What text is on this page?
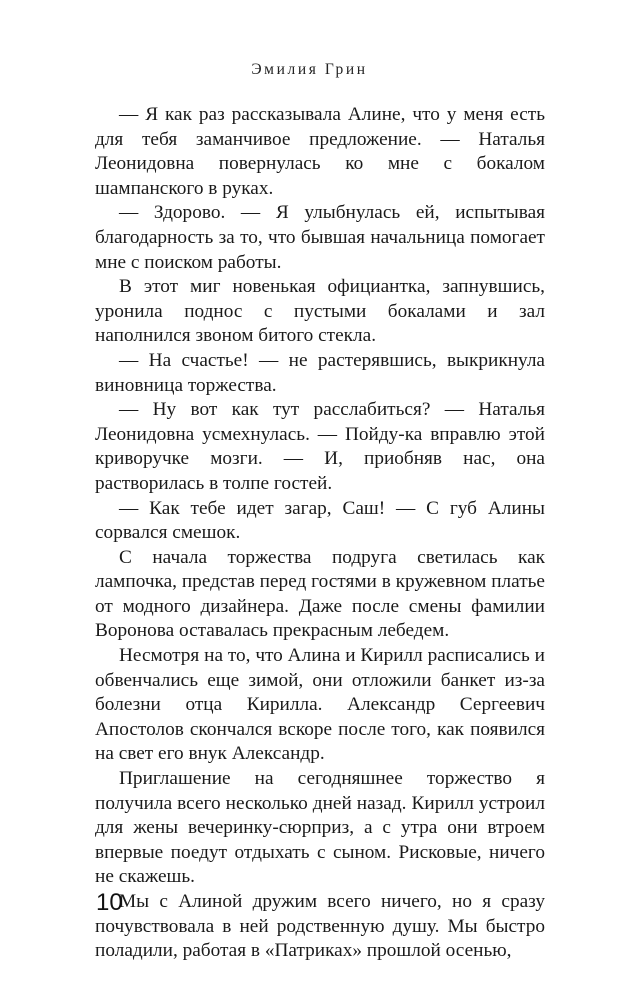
Эмилия Грин

— Я как раз рассказывала Алине, что у меня есть для тебя заманчивое предложение. — Наталья Леонидовна повернулась ко мне с бокалом шампанского в руках.

— Здорово. — Я улыбнулась ей, испытывая благодарность за то, что бывшая начальница помогает мне с поиском работы.

В этот миг новенькая официантка, запнувшись, уронила поднос с пустыми бокалами и зал наполнился звоном битого стекла.

— На счастье! — не растерявшись, выкрикнула виновница торжества.

— Ну вот как тут расслабиться? — Наталья Леонидовна усмехнулась. — Пойду-ка вправлю этой криворучке мозги. — И, приобняв нас, она растворилась в толпе гостей.

— Как тебе идет загар, Саш! — С губ Алины сорвался смешок.

С начала торжества подруга светилась как лампочка, представ перед гостями в кружевном платье от модного дизайнера. Даже после смены фамилии Воронова оставалась прекрасным лебедем.

Несмотря на то, что Алина и Кирилл расписались и обвенчались еще зимой, они отложили банкет из-за болезни отца Кирилла. Александр Сергеевич Апостолов скончался вскоре после того, как появился на свет его внук Александр.

Приглашение на сегодняшнее торжество я получила всего несколько дней назад. Кирилл устроил для жены вечеринку-сюрприз, а с утра они втроем впервые поедут отдыхать с сыном. Рисковые, ничего не скажешь.

Мы с Алиной дружим всего ничего, но я сразу почувствовала в ней родственную душу. Мы быстро поладили, работая в «Патриках» прошлой осенью,

10
